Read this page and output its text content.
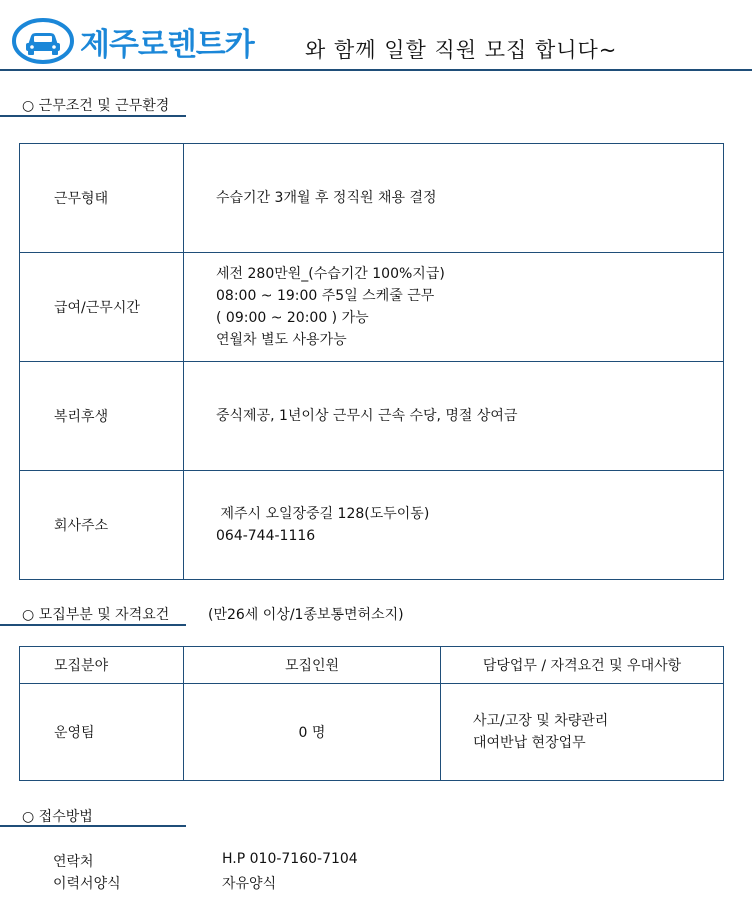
제주로렌트카 와 함께 일할 직원 모집 합니다~
○ 근무조건 및 근무환경
근무형태	수습기간 3개월 후 정직원 채용 결정

급여/근무시간	세전 280만원_(수습기간 100%지급)
08:00 ~ 19:00 주5일 스케줄 근무
( 09:00 ~ 20:00 ) 가능
연월차 별도 사용가능

복리후생	중식제공, 1년이상 근무시 근속 수당, 명절 상여금

회사주소	제주시 오일장중길 128(도두이동)
064-744-1116
○ 모집부분 및 자격요건	(만26세 이상/1종보통면허소지)
모집분야	모집인원	담당업무 / 자격요건 및 우대사항
운영팀	0 명	사고/고장 및 차량관리
대여반납 현장업무
○ 접수방법
연락처	H.P 010-7160-7104
이력서양식	자유양식
